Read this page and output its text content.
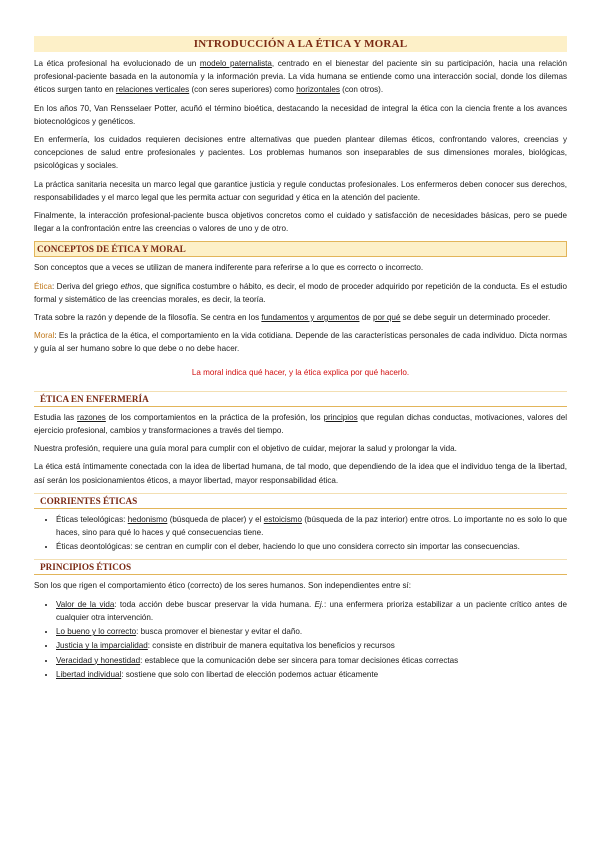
INTRODUCCIÓN A LA ÉTICA Y MORAL

La ética profesional ha evolucionado de un modelo paternalista, centrado en el bienestar del paciente sin su participación, hacia una relación profesional-paciente basada en la autonomía y la información previa. La vida humana se entiende como una interacción social, donde los dilemas éticos surgen tanto en relaciones verticales (con seres superiores) como horizontales (con otros).

En los años 70, Van Rensselaer Potter, acuñó el término bioética, destacando la necesidad de integral la ética con la ciencia frente a los avances biotecnológicos y genéticos.

En enfermería, los cuidados requieren decisiones entre alternativas que pueden plantear dilemas éticos, confrontando valores, creencias y concepciones de salud entre profesionales y pacientes. Los problemas humanos son inseparables de sus dimensiones morales, biológicas, psicológicas y sociales.

La práctica sanitaria necesita un marco legal que garantice justicia y regule conductas profesionales. Los enfermeros deben conocer sus derechos, responsabilidades y el marco legal que les permita actuar con seguridad y ética en la atención del paciente.

Finalmente, la interacción profesional-paciente busca objetivos concretos como el cuidado y satisfacción de necesidades básicas, pero se puede llegar a la confrontación entre las creencias o valores de uno y de otro.

CONCEPTOS DE ÉTICA Y MORAL

Son conceptos que a veces se utilizan de manera indiferente para referirse a lo que es correcto o incorrecto.

Ética: Deriva del griego ethos, que significa costumbre o hábito, es decir, el modo de proceder adquirido por repetición de la conducta. Es el estudio formal y sistemático de las creencias morales, es decir, la teoría.

Trata sobre la razón y depende de la filosofía. Se centra en los fundamentos y argumentos de por qué se debe seguir un determinado proceder.

Moral: Es la práctica de la ética, el comportamiento en la vida cotidiana. Depende de las características personales de cada individuo. Dicta normas y guía al ser humano sobre lo que debe o no debe hacer.

La moral indica qué hacer, y la ética explica por qué hacerlo.

ÉTICA EN ENFERMERÍA

Estudia las razones de los comportamientos en la práctica de la profesión, los principios que regulan dichas conductas, motivaciones, valores del ejercicio profesional, cambios y transformaciones a través del tiempo.

Nuestra profesión, requiere una guía moral para cumplir con el objetivo de cuidar, mejorar la salud y prolongar la vida.

La ética está íntimamente conectada con la idea de libertad humana, de tal modo, que dependiendo de la idea que el individuo tenga de la libertad, así serán los posicionamientos éticos, a mayor libertad, mayor responsabilidad ética.

CORRIENTES ÉTICAS
• Éticas teleológicas: hedonismo (búsqueda de placer) y el estoicismo (búsqueda de la paz interior) entre otros. Lo importante no es solo lo que haces, sino para qué lo haces y qué consecuencias tiene.
• Éticas deontológicas: se centran en cumplir con el deber, haciendo lo que uno considera correcto sin importar las consecuencias.
PRINCIPIOS ÉTICOS

Son los que rigen el comportamiento ético (correcto) de los seres humanos. Son independientes entre sí:

• Valor de la vida: toda acción debe buscar preservar la vida humana. Ej.: una enfermera prioriza estabilizar a un paciente crítico antes de cualquier otra intervención.
• Lo bueno y lo correcto: busca promover el bienestar y evitar el daño.
• Justicia y la imparcialidad: consiste en distribuir de manera equitativa los beneficios y recursos
• Veracidad y honestidad: establece que la comunicación debe ser sincera para tomar decisiones éticas correctas
• Libertad individual: sostiene que solo con libertad de elección podemos actuar éticamente
